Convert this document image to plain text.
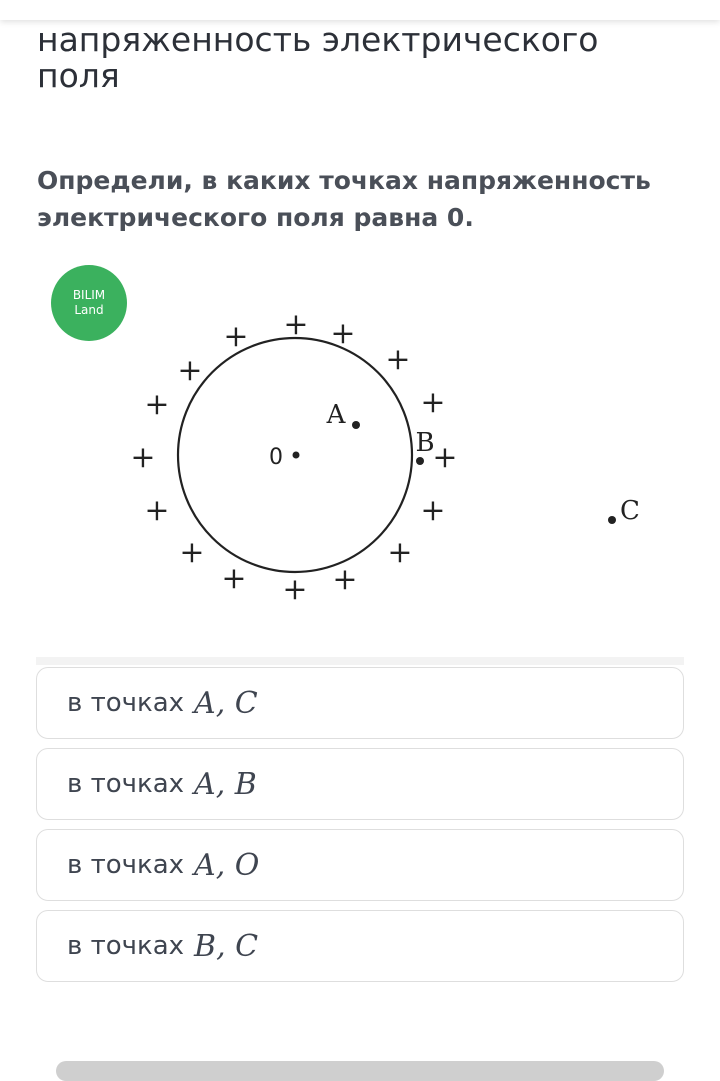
напряженность электрического поля
Определи, в каких точках напряженность электрического поля равна 0.
BILIM
Land
+ + +
+
+
+
+
+	+
+	+
+	+
+ + +
0
A
B
C
в точках A, C
в точках A, B
в точках A, O
в точках B, C
